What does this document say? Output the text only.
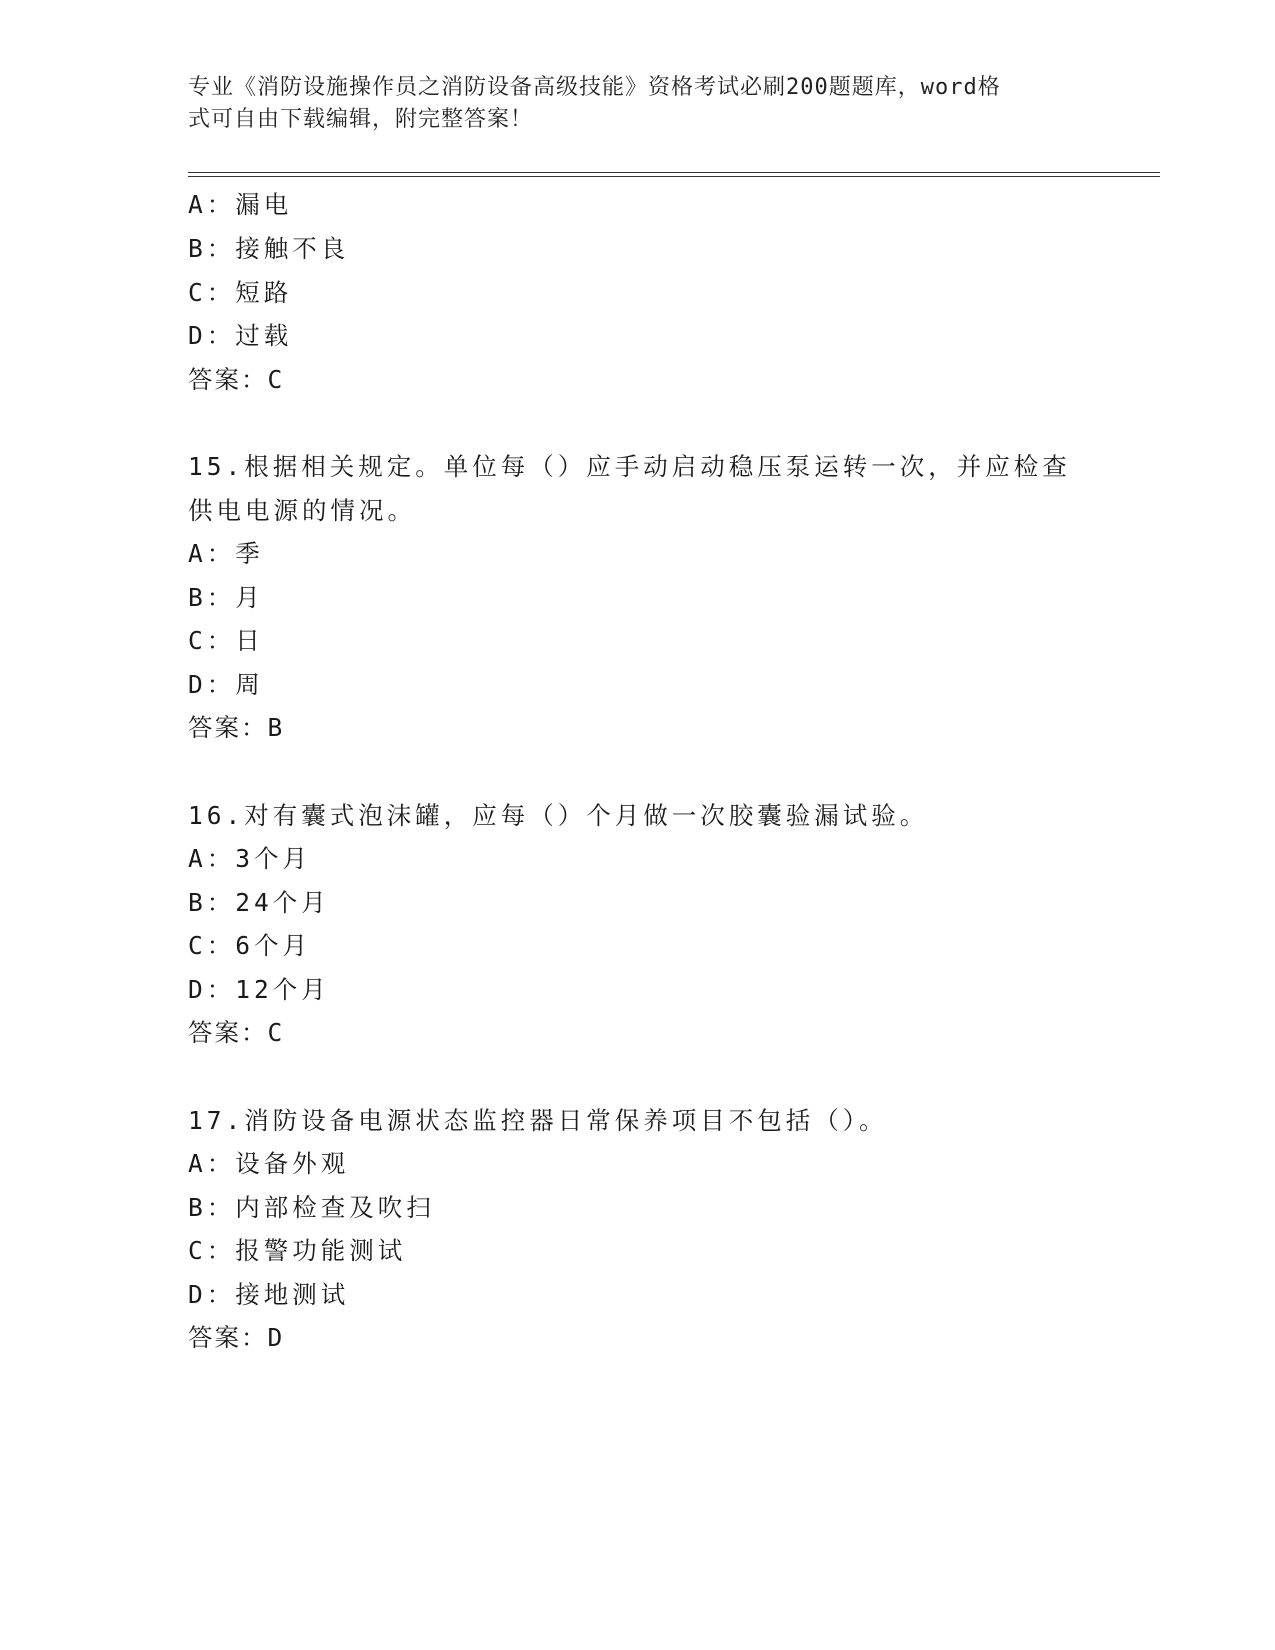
专业《消防设施操作员之消防设备高级技能》资格考试必刷200题题库，word格
式可自由下载编辑，附完整答案！
A：漏电
B：接触不良
C：短路
D：过载
答案：C
15.根据相关规定。单位每（）应手动启动稳压泵运转一次，并应检查
供电电源的情况。
A：季
B：月
C：日
D：周
答案：B
16.对有囊式泡沫罐，应每（）个月做一次胶囊验漏试验。
A：3个月
B：24个月
C：6个月
D：12个月
答案：C
17.消防设备电源状态监控器日常保养项目不包括（）。
A：设备外观
B：内部检查及吹扫
C：报警功能测试
D：接地测试
答案：D
